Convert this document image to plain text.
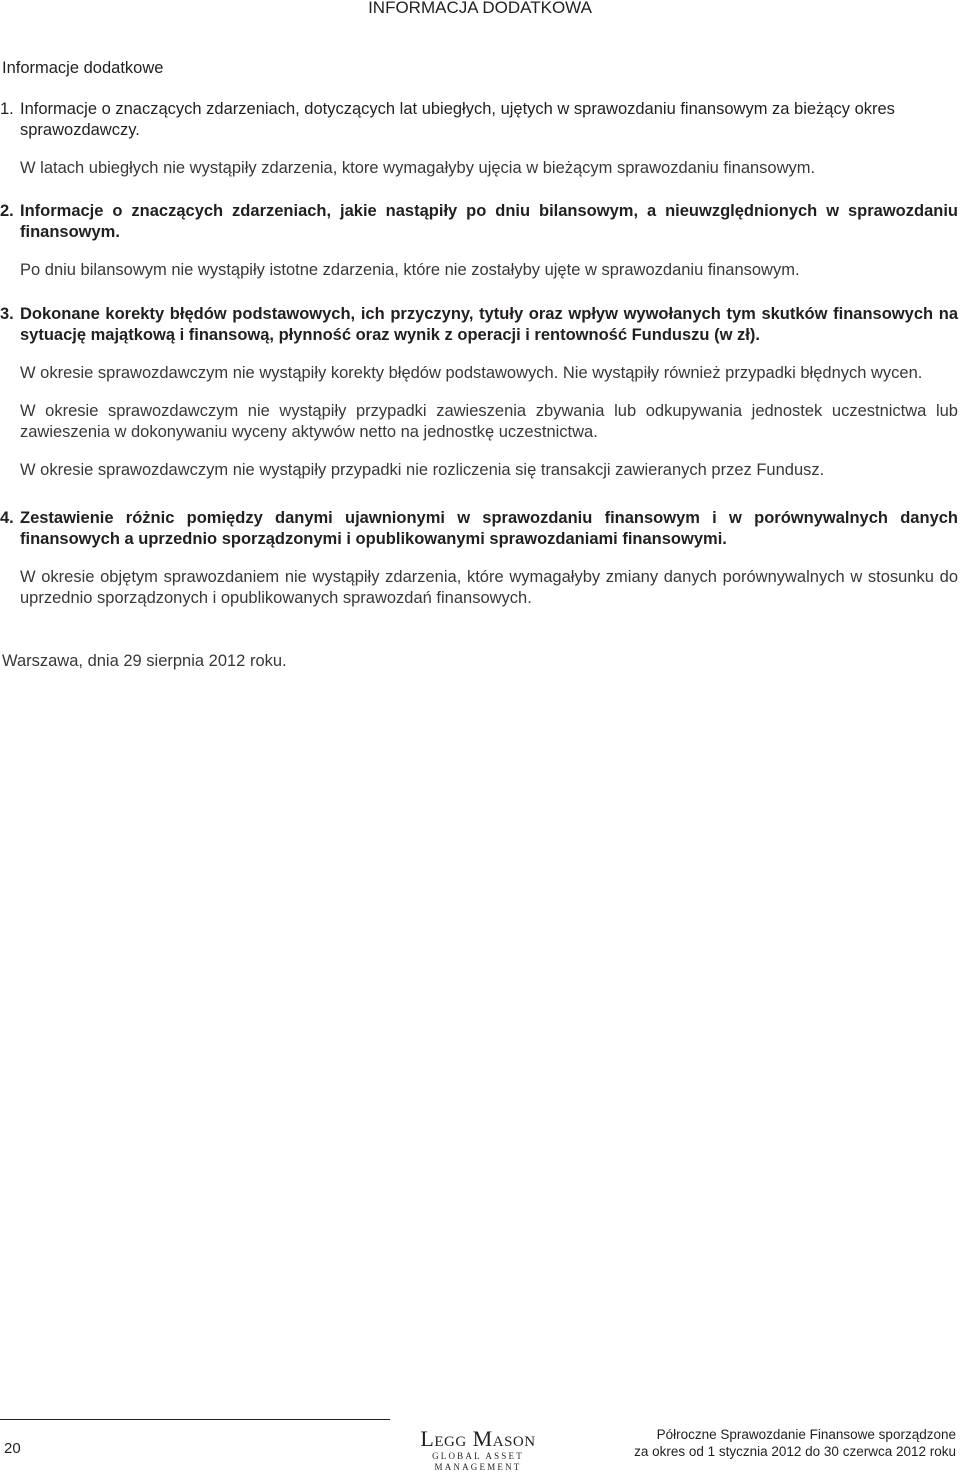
INFORMACJA DODATKOWA
Informacje dodatkowe
1. Informacje o znaczących zdarzeniach, dotyczących lat ubiegłych, ujętych w sprawozdaniu finansowym za bieżący okres sprawozdawczy.
W latach ubiegłych nie wystąpiły zdarzenia, ktore wymagałyby ujęcia w bieżącym sprawozdaniu finansowym.
2. Informacje o znaczących zdarzeniach, jakie nastąpiły po dniu bilansowym, a nieuwzględnionych w sprawozdaniu finansowym.
Po dniu bilansowym nie wystąpiły istotne zdarzenia, które nie zostałyby ujęte w sprawozdaniu finansowym.
3. Dokonane korekty błędów podstawowych, ich przyczyny, tytuły oraz wpływ wywołanych tym skutków finansowych na sytuację majątkową i finansową, płynność oraz wynik z operacji i rentowność Funduszu (w zł).
W okresie sprawozdawczym nie wystąpiły korekty błędów podstawowych. Nie wystąpiły również przypadki błędnych wycen.
W okresie sprawozdawczym nie wystąpiły przypadki zawieszenia zbywania lub odkupywania jednostek uczestnictwa lub zawieszenia w dokonywaniu wyceny aktywów netto na jednostkę uczestnictwa.
W okresie sprawozdawczym nie wystąpiły przypadki nie rozliczenia się transakcji zawieranych przez Fundusz.
4. Zestawienie różnic pomiędzy danymi ujawnionymi w sprawozdaniu finansowym i w porównywalnych danych finansowych a uprzednio sporządzonymi i opublikowanymi sprawozdaniami finansowymi.
W okresie objętym sprawozdaniem nie wystąpiły zdarzenia, które wymagałyby zmiany danych porównywalnych w stosunku do uprzednio sporządzonych i opublikowanych sprawozdań finansowych.
Warszawa, dnia 29 sierpnia 2012 roku.
20	Legg Mason
GLOBAL ASSET MANAGEMENT
Półroczne Sprawozdanie Finansowe sporządzone
za okres od 1 stycznia 2012 do 30 czerwca 2012 roku
